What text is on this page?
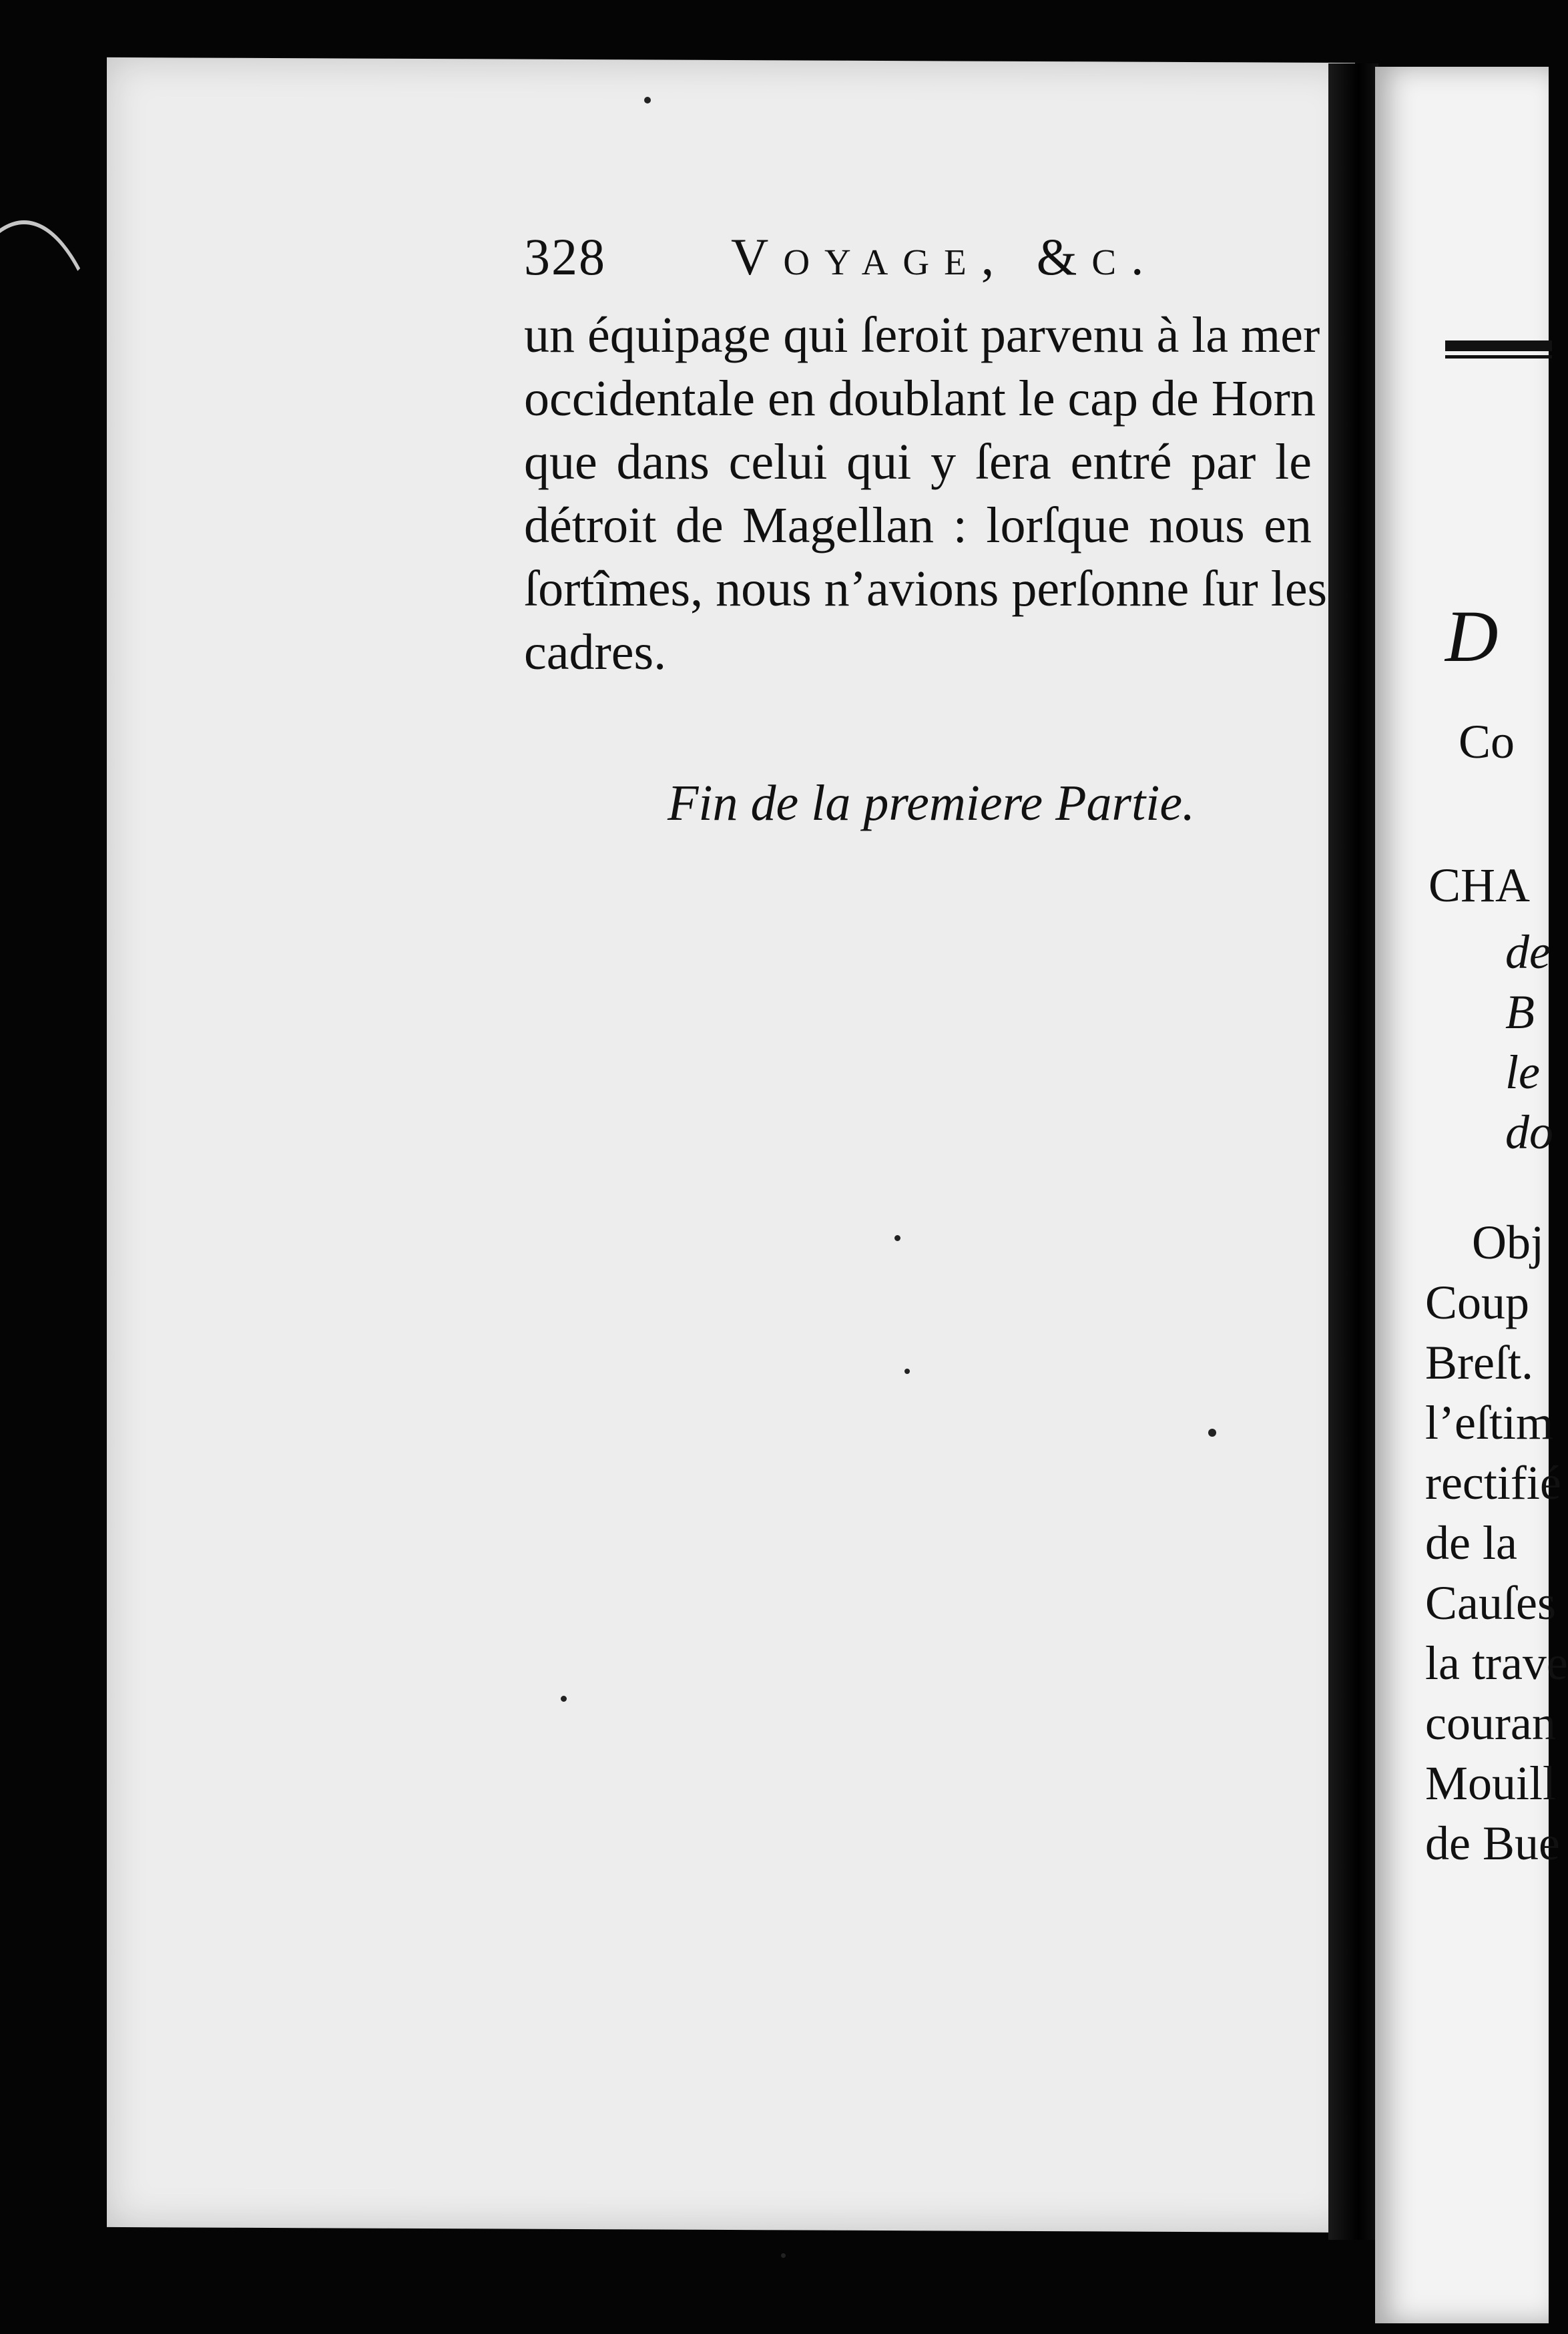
328 Voyage, &c.
un équipage qui ſeroit parvenu à la mer
occidentale en doublant le cap de Horn
que dans celui qui y ſera entré par le
détroit de Magellan : lorſque nous en
ſortîmes, nous n’avions perſonne ſur les
cadres.
Fin de la premiere Partie.
D
Co
CHA
de
B
le
do
Obj
Coup
Breſt.
l’eſtim
rectifié
de la
Cauſes
la trave
couran
Mouill
de Bue
